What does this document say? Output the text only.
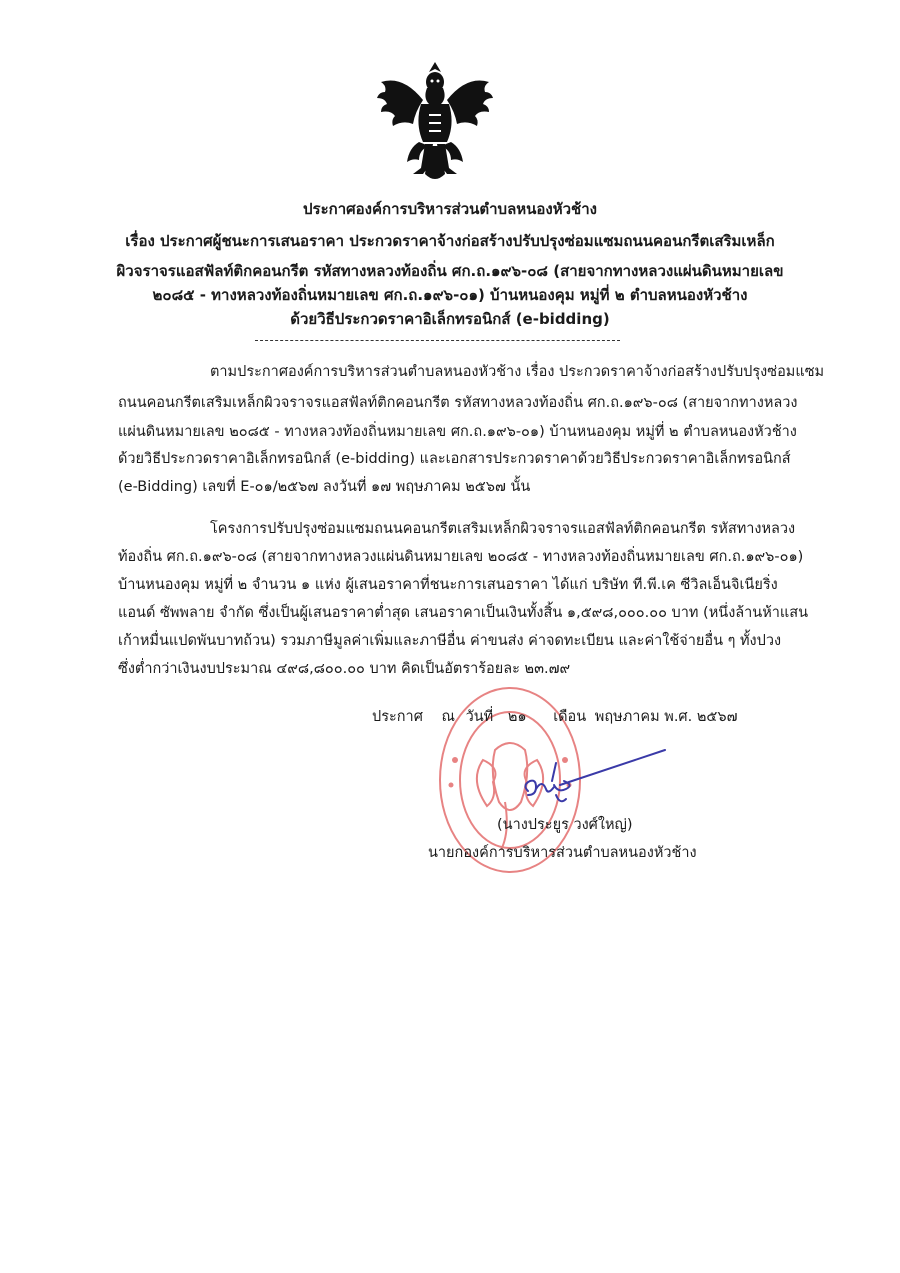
ประกาศองค์การบริหารส่วนตำบลหนองหัวช้าง
เรื่อง ประกาศผู้ชนะการเสนอราคา ประกวดราคาจ้างก่อสร้างปรับปรุงซ่อมแซมถนนคอนกรีตเสริมเหล็ก
ผิวจราจรแอสฟัลท์ติกคอนกรีต รหัสทางหลวงท้องถิ่น ศก.ถ.๑๙๖-๐๘ (สายจากทางหลวงแผ่นดินหมายเลข
๒๐๘๕ - ทางหลวงท้องถิ่นหมายเลข ศก.ถ.๑๙๖-๐๑) บ้านหนองคุม หมู่ที่ ๒ ตำบลหนองหัวช้าง
ด้วยวิธีประกวดราคาอิเล็กทรอนิกส์ (e-bidding)
ตามประกาศองค์การบริหารส่วนตำบลหนองหัวช้าง เรื่อง ประกวดราคาจ้างก่อสร้างปรับปรุงซ่อมแซม
ถนนคอนกรีตเสริมเหล็กผิวจราจรแอสฟัลท์ติกคอนกรีต รหัสทางหลวงท้องถิ่น ศก.ถ.๑๙๖-๐๘ (สายจากทางหลวง
แผ่นดินหมายเลข ๒๐๘๕ - ทางหลวงท้องถิ่นหมายเลข ศก.ถ.๑๙๖-๐๑) บ้านหนองคุม หมู่ที่ ๒ ตำบลหนองหัวช้าง
ด้วยวิธีประกวดราคาอิเล็กทรอนิกส์ (e-bidding) และเอกสารประกวดราคาด้วยวิธีประกวดราคาอิเล็กทรอนิกส์
(e-Bidding) เลขที่ E-๐๑/๒๕๖๗ ลงวันที่ ๑๗ พฤษภาคม ๒๕๖๗ นั้น
โครงการปรับปรุงซ่อมแซมถนนคอนกรีตเสริมเหล็กผิวจราจรแอสฟัลท์ติกคอนกรีต รหัสทางหลวง
ท้องถิ่น ศก.ถ.๑๙๖-๐๘ (สายจากทางหลวงแผ่นดินหมายเลข ๒๐๘๕ - ทางหลวงท้องถิ่นหมายเลข ศก.ถ.๑๙๖-๐๑)
บ้านหนองคุม หมู่ที่ ๒ จำนวน ๑ แห่ง ผู้เสนอราคาที่ชนะการเสนอราคา ได้แก่ บริษัท ที.พี.เค ซีวิลเอ็นจิเนียริ่ง
แอนด์ ซัพพลาย จำกัด ซึ่งเป็นผู้เสนอราคาต่ำสุด เสนอราคาเป็นเงินทั้งสิ้น ๑,๕๙๘,๐๐๐.๐๐ บาท (หนึ่งล้านห้าแสน
เก้าหมื่นแปดพันบาทถ้วน) รวมภาษีมูลค่าเพิ่มและภาษีอื่น ค่าขนส่ง ค่าจดทะเบียน และค่าใช้จ่ายอื่น ๆ ทั้งปวง
ซึ่งต่ำกว่าเงินงบประมาณ ๔๙๘,๘๐๐.๐๐ บาท คิดเป็นอัตราร้อยละ ๒๓.๗๙
ประกาศ ณ วันที่ ๒๑ เดือน พฤษภาคม พ.ศ. ๒๕๖๗
(นางประยูร วงศ์ใหญ่)
นายกองค์การบริหารส่วนตำบลหนองหัวช้าง
